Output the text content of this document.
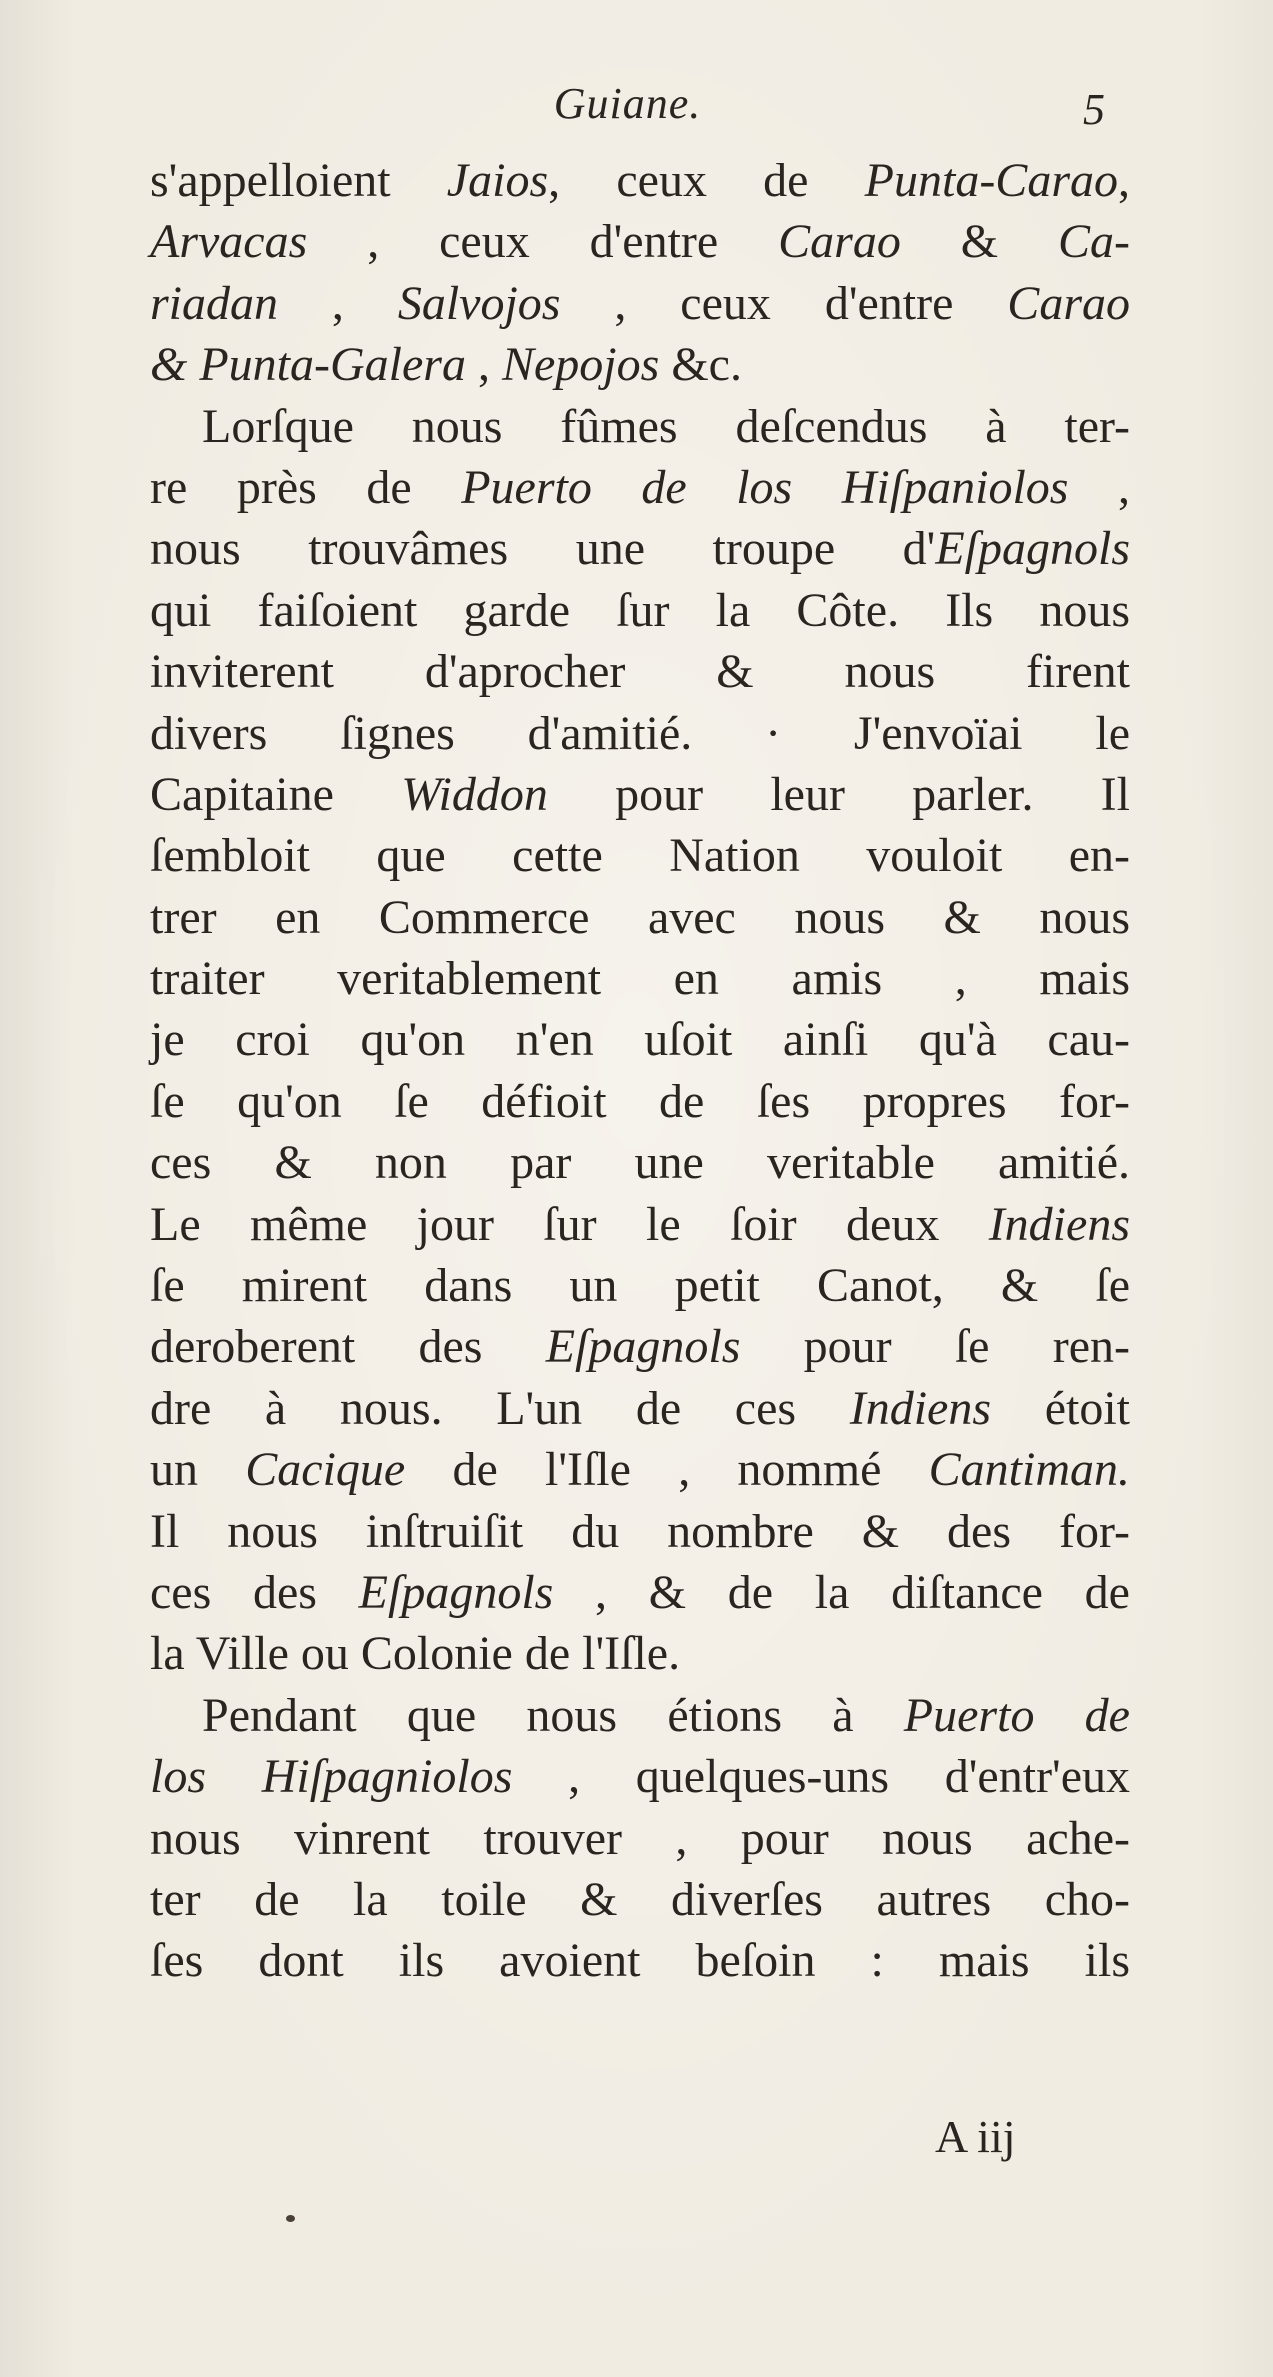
Guiane.	5
s'appelloient Jaios, ceux de Punta-Carao,
Arvacas , ceux d'entre Carao & Ca-
riadan , Salvojos , ceux d'entre Carao
& Punta-Galera , Nepojos &c.
Lorſque nous fûmes deſcendus à ter-
re près de Puerto de los Hiſpaniolos ,
nous trouvâmes une troupe d'Eſpagnols
qui faiſoient garde ſur la Côte. Ils nous
inviterent d'aprocher & nous firent
divers ſignes d'amitié. · J'envoïai le
Capitaine Widdon pour leur parler. Il
ſembloit que cette Nation vouloit en-
trer en Commerce avec nous & nous
traiter veritablement en amis , mais
je croi qu'on n'en uſoit ainſi qu'à cau-
ſe qu'on ſe défioit de ſes propres for-
ces & non par une veritable amitié.
Le même jour ſur le ſoir deux Indiens
ſe mirent dans un petit Canot, & ſe
deroberent des Eſpagnols pour ſe ren-
dre à nous. L'un de ces Indiens étoit
un Cacique de l'Iſle , nommé Cantiman.
Il nous inſtruiſit du nombre & des for-
ces des Eſpagnols , & de la diſtance de
la Ville ou Colonie de l'Iſle.
Pendant que nous étions à Puerto de
los Hiſpagniolos , quelques-uns d'entr'eux
nous vinrent trouver , pour nous ache-
ter de la toile & diverſes autres cho-
ſes dont ils avoient beſoin : mais ils
A iij
